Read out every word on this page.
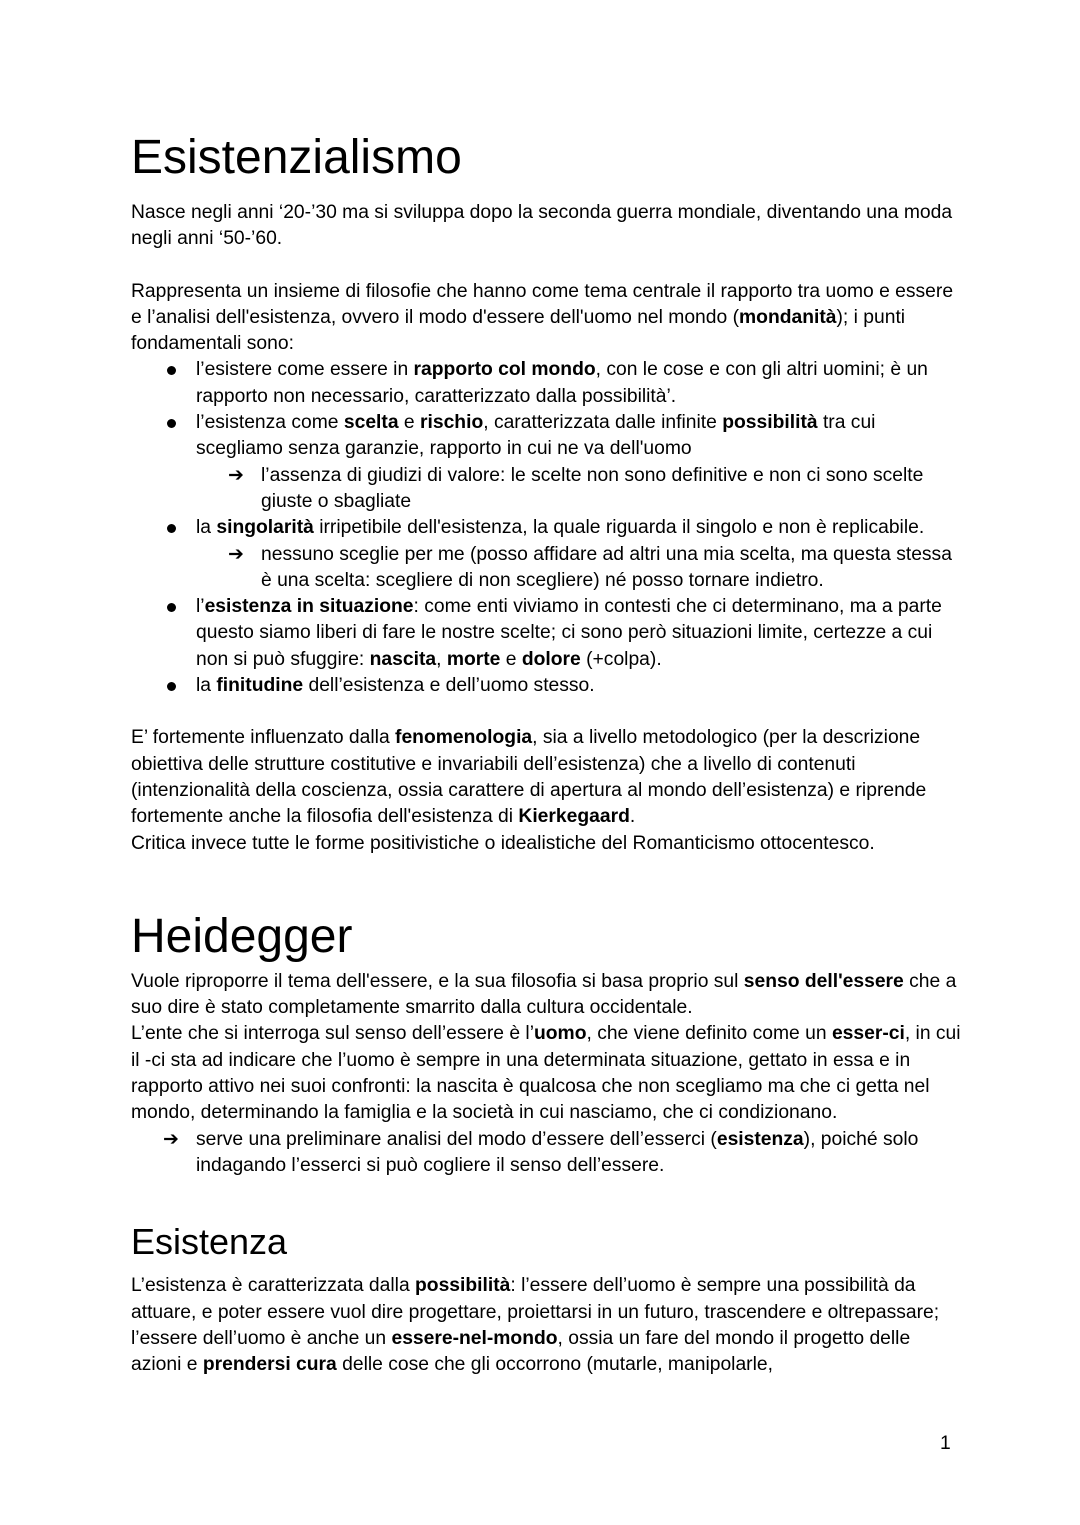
Esistenzialismo

Nasce negli anni ‘20-’30 ma si sviluppa dopo la seconda guerra mondiale, diventando una moda negli anni ‘50-’60.

Rappresenta un insieme di filosofie che hanno come tema centrale il rapporto tra uomo e essere e l’analisi dell'esistenza, ovvero il modo d'essere dell'uomo nel mondo (mondanità); i punti fondamentali sono:

l’esistere come essere in rapporto col mondo, con le cose e con gli altri uomini; è un rapporto non necessario, caratterizzato dalla possibilità’.
l’esistenza come scelta e rischio, caratterizzata dalle infinite possibilità tra cui scegliamo senza garanzie, rapporto in cui ne va dell'uomo
➔ l’assenza di giudizi di valore: le scelte non sono definitive e non ci sono scelte giuste o sbagliate
la singolarità irripetibile dell'esistenza, la quale riguarda il singolo e non è replicabile.
➔ nessuno sceglie per me (posso affidare ad altri una mia scelta, ma questa stessa è una scelta: scegliere di non scegliere) né posso tornare indietro.
l’esistenza in situazione: come enti viviamo in contesti che ci determinano, ma a parte questo siamo liberi di fare le nostre scelte; ci sono però situazioni limite, certezze a cui non si può sfuggire: nascita, morte e dolore (+colpa).
la finitudine dell’esistenza e dell’uomo stesso.

E’ fortemente influenzato dalla fenomenologia, sia a livello metodologico (per la descrizione obiettiva delle strutture costitutive e invariabili dell’esistenza) che a livello di contenuti (intenzionalità della coscienza, ossia carattere di apertura al mondo dell’esistenza) e riprende fortemente anche la filosofia dell'esistenza di Kierkegaard.

Critica invece tutte le forme positivistiche o idealistiche del Romanticismo ottocentesco.

Heidegger

Vuole riproporre il tema dell'essere, e la sua filosofia si basa proprio sul senso dell'essere che a suo dire è stato completamente smarrito dalla cultura occidentale.

L’ente che si interroga sul senso dell’essere è l’uomo, che viene definito come un esser-ci, in cui il -ci sta ad indicare che l’uomo è sempre in una determinata situazione, gettato in essa e in rapporto attivo nei suoi confronti: la nascita è qualcosa che non scegliamo ma che ci getta nel mondo, determinando la famiglia e la società in cui nasciamo, che ci condizionano.

➔ serve una preliminare analisi del modo d’essere dell’esserci (esistenza), poiché solo indagando l’esserci si può cogliere il senso dell’essere.
Esistenza

L’esistenza è caratterizzata dalla possibilità: l’essere dell’uomo è sempre una possibilità da attuare, e poter essere vuol dire progettare, proiettarsi in un futuro, trascendere e oltrepassare; l’essere dell’uomo è anche un essere-nel-mondo, ossia un fare del mondo il progetto delle azioni e prendersi cura delle cose che gli occorrono (mutarle, manipolarle,

1
